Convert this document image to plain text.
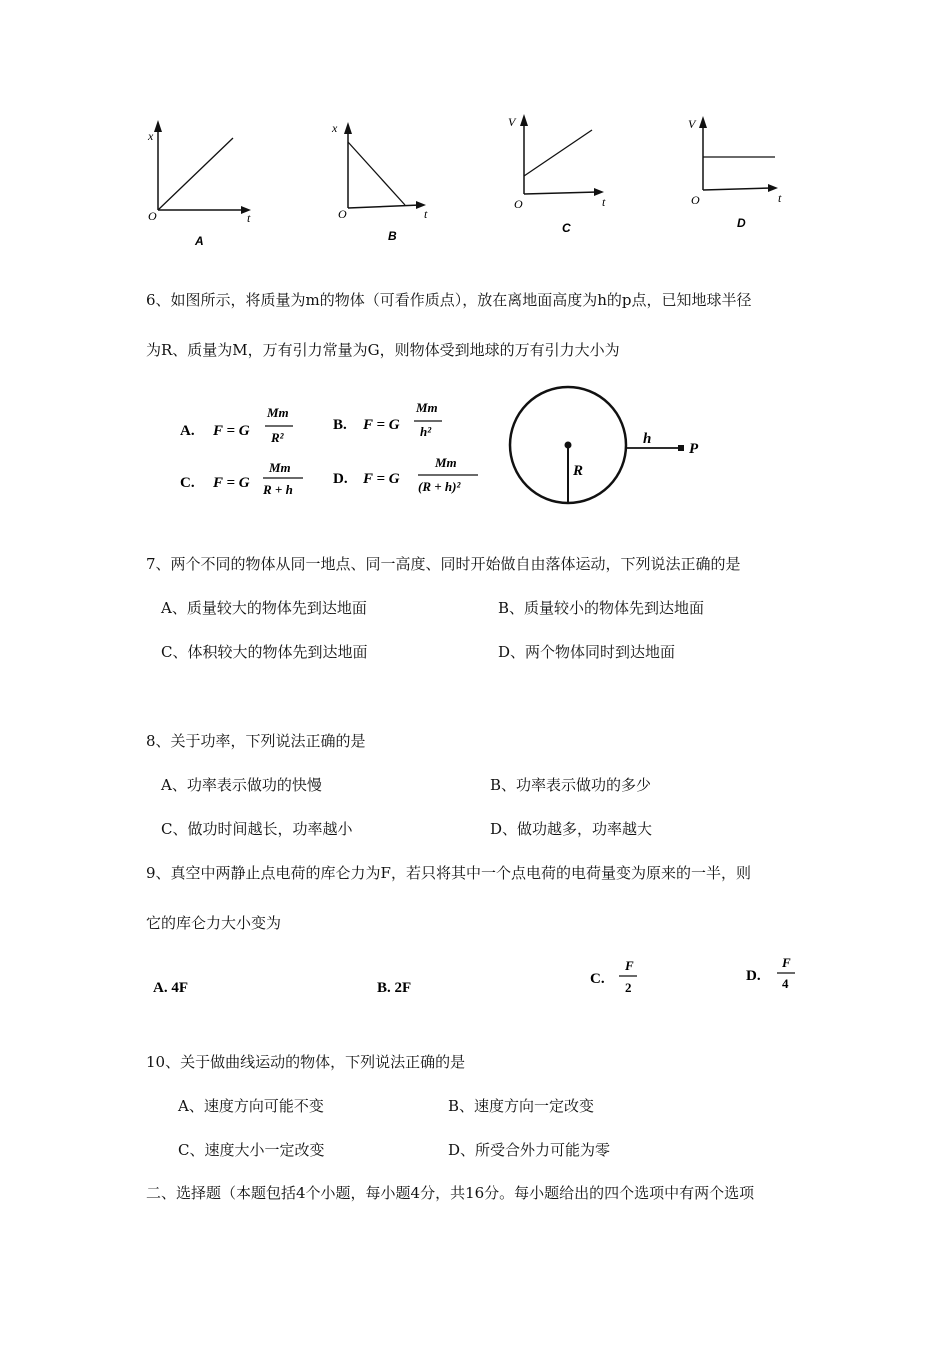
x
O	t
A
x
O	t
B
V
O	t
C
V
O	t
D
6、如图所示，将质量为m的物体（可看作质点），放在离地面高度为h的p点，已知地球半径
为R、质量为M，万有引力常量为G，则物体受到地球的万有引力大小为
A. F = G
Mm
R²
B. F = G
Mm
h²
C. F = G
Mm
R + h
D. F = G
Mm
(R + h)²
h
P
R
7、两个不同的物体从同一地点、同一高度、同时开始做自由落体运动，下列说法正确的是
A、质量较大的物体先到达地面	B、质量较小的物体先到达地面
C、体积较大的物体先到达地面	D、两个物体同时到达地面
8、关于功率，下列说法正确的是
A、功率表示做功的快慢	B、功率表示做功的多少
C、做功时间越长，功率越小	D、做功越多，功率越大
9、真空中两静止点电荷的库仑力为F，若只将其中一个点电荷的电荷量变为原来的一半，则
它的库仑力大小变为
A. 4F	B. 2F
C.
F
2
D.
F
4
10、关于做曲线运动的物体，下列说法正确的是
A、速度方向可能不变	B、速度方向一定改变
C、速度大小一定改变	D、所受合外力可能为零
二、选择题（本题包括4个小题，每小题4分，共16分。每小题给出的四个选项中有两个选项
